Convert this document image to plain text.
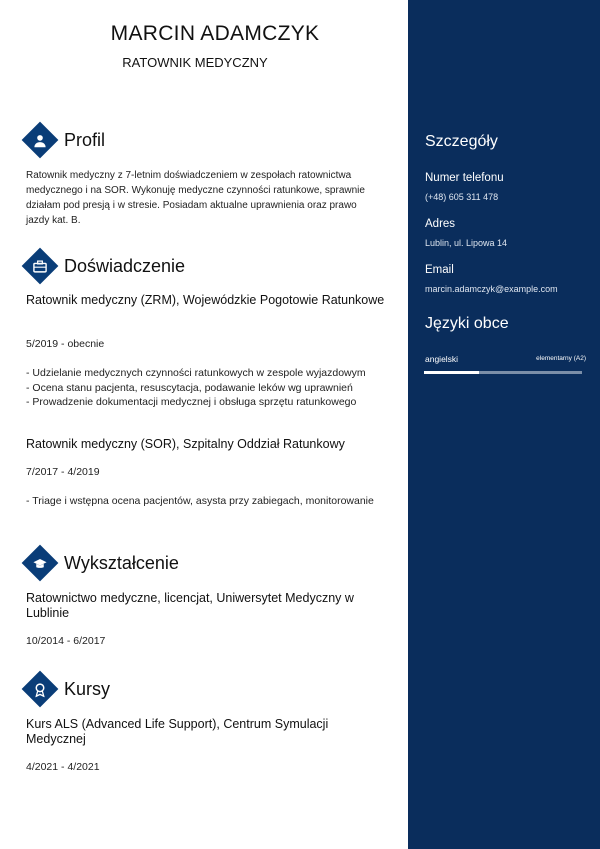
MARCIN ADAMCZYK
RATOWNIK MEDYCZNY
Profil
Ratownik medyczny z 7-letnim doświadczeniem w zespołach ratownictwa medycznego i na SOR. Wykonuję medyczne czynności ratunkowe, sprawnie działam pod presją i w stresie. Posiadam aktualne uprawnienia oraz prawo jazdy kat. B.
Doświadczenie
Ratownik medyczny (ZRM), Wojewódzkie Pogotowie Ratunkowe
5/2019 - obecnie
- Udzielanie medycznych czynności ratunkowych w zespole wyjazdowym
- Ocena stanu pacjenta, resuscytacja, podawanie leków wg uprawnień
- Prowadzenie dokumentacji medycznej i obsługa sprzętu ratunkowego
Ratownik medyczny (SOR), Szpitalny Oddział Ratunkowy
7/2017 - 4/2019
- Triage i wstępna ocena pacjentów, asysta przy zabiegach, monitorowanie
Wykształcenie
Ratownictwo medyczne, licencjat, Uniwersytet Medyczny w Lublinie
10/2014 - 6/2017
Kursy
Kurs ALS (Advanced Life Support), Centrum Symulacji Medycznej
4/2021 - 4/2021
Szczegóły
Numer telefonu
(+48) 605 311 478
Adres
Lublin, ul. Lipowa 14
Email
marcin.adamczyk@example.com
Języki obce
angielski	elementarny (A2)
